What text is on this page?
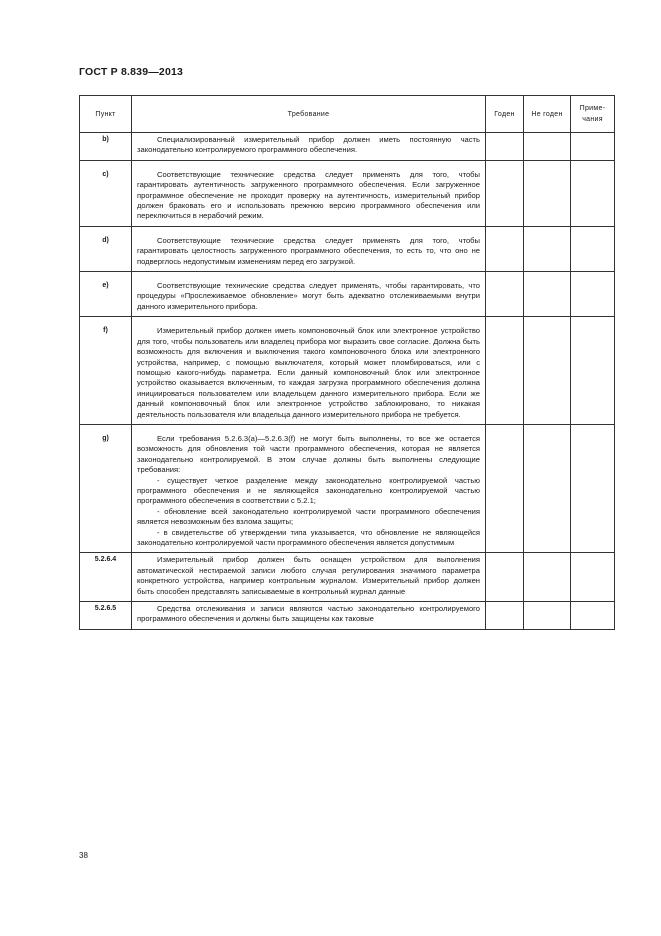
ГОСТ Р 8.839—2013
Пункт	Требование	Годен	Не годен	Приме-
чания
b)	Специализированный измерительный прибор должен иметь постоянную часть законодательно контролируемого программного обеспечения.			

c)	Соответствующие технические средства следует применять для того, чтобы гарантировать аутентичность загруженного программного обеспечения. Если загруженное программное обеспечение не проходит проверку на аутентичность, измерительный прибор должен браковать его и использовать прежнюю версию программного обеспечения или переключиться в нерабочий режим.			

d)	Соответствующие технические средства следует применять для того, чтобы гарантировать целостность загруженного программного обеспечения, то есть то, что оно не подверглось недопустимым изменениям перед его загрузкой.			

e)	Соответствующие технические средства следует применять, чтобы гарантировать, что процедуры «Прослеживаемое обновление» могут быть адекватно отслеживаемыми внутри данного измерительного прибора.			

f)	Измерительный прибор должен иметь компоновочный блок или электронное устройство для того, чтобы пользователь или владелец прибора мог выразить свое согласие. Должна быть возможность для включения и выключения такого компоновочного блока или электронного устройства, например, с помощью выключателя, который может пломбироваться, или с помощью какого-нибудь параметра. Если данный компоновочный блок или электронное устройство оказывается включенным, то каждая загрузка программного обеспечения должна инициироваться пользователем или владельцем данного измерительного прибора. Если же данный компоновочный блок или электронное устройство заблокировано, то никакая деятельность пользователя или владельца данного измерительного прибора не требуется.			

g)	Если требования 5.2.6.3(a)—5.2.6.3(f) не могут быть выполнены, то все же остается возможность для обновления той части программного обеспечения, которая не является законодательно контролируемой. В этом случае должны быть выполнены следующие требования:

- существует четкое разделение между законодательно контролируемой частью программного обеспечения и не являющейся законодательно контролируемой частью программного обеспечения в соответствии с 5.2.1;

- обновление всей законодательно контролируемой части программного обеспечения является невозможным без взлома защиты;

- в свидетельстве об утверждении типа указывается, что обновление не являющейся законодательно контролируемой части программного обеспечения является допустимым			

5.2.6.4	Измерительный прибор должен быть оснащен устройством для выполнения автоматической нестираемой записи любого случая регулирования значимого параметра конкретного устройства, например контрольным журналом. Измерительный прибор должен быть способен представлять записываемые в контрольный журнал данные			

5.2.6.5	Средства отслеживания и записи являются частью законодательно контролируемого программного обеспечения и должны быть защищены как таковые			

38
